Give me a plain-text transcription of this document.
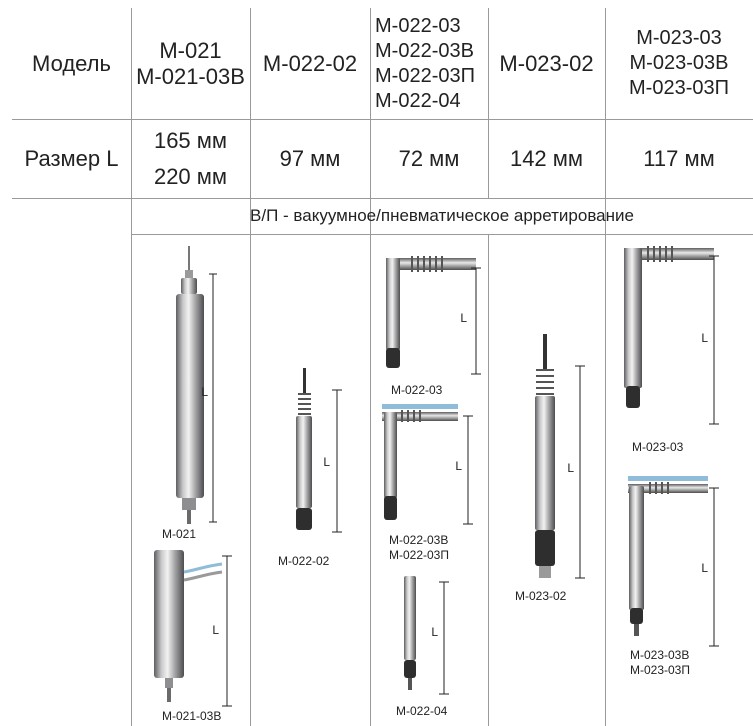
Модель
М-021
М-021-03В
М-022-02
М-022-03
М-022-03В
М-022-03П
М-022-04
М-023-02
М-023-03
М-023-03В
М-023-03П
Размер L
165 мм
220 мм
97 мм	72 мм 142 мм	117 мм
В/П - вакуумное/пневматическое арретирование
L
L
L
L
L
L
L
L
L
М-021
М-021-03В
М-022-02
М-022-03
М-022-03В
М-022-03П
М-022-04
М-023-02
М-023-03
М-023-03В
М-023-03П
